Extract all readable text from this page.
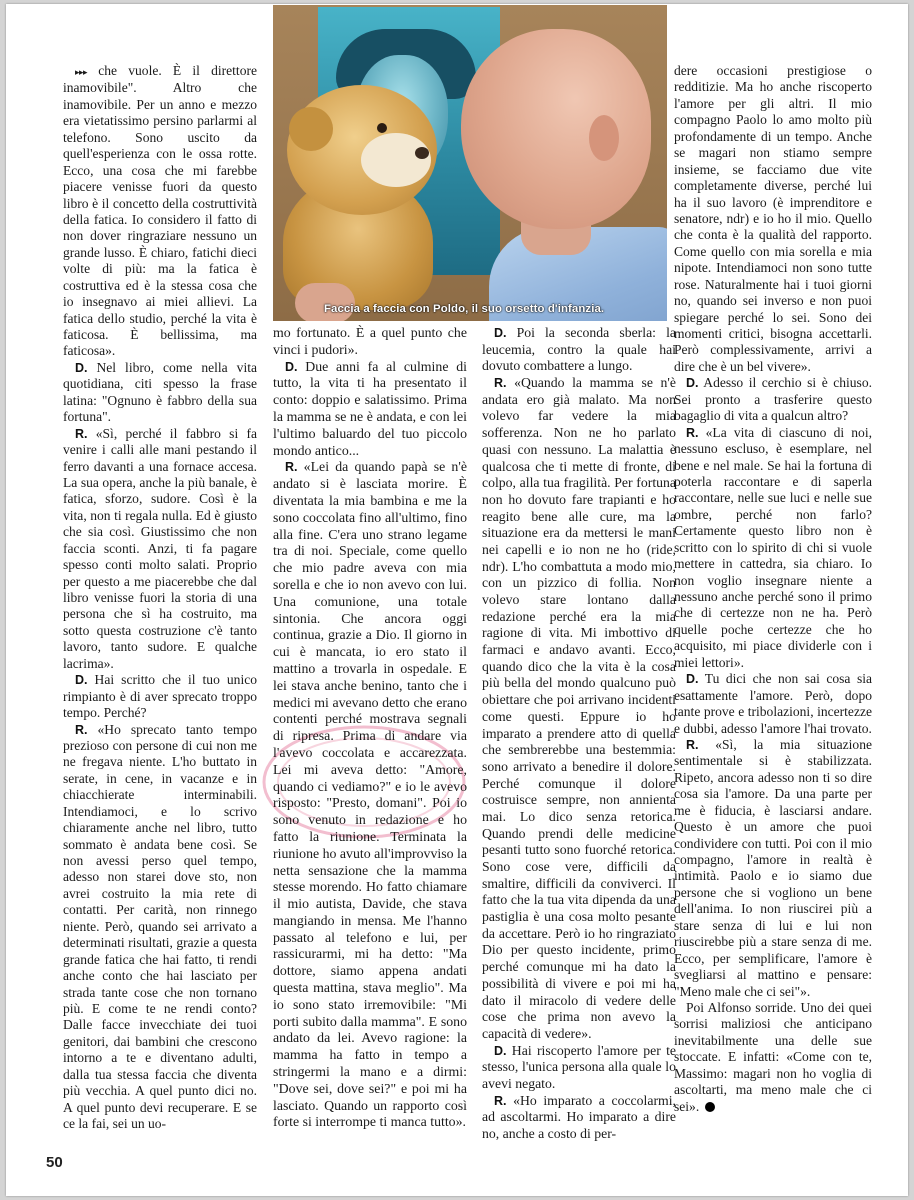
Faccia a faccia con Poldo, il suo orsetto d'infanzia.

▸▸▸ che vuole. È il direttore inamovibile". Altro che inamovibile. Per un anno e mezzo era vietatissimo persino parlarmi al telefono. Sono uscito da quell'esperienza con le ossa rotte. Ecco, una cosa che mi farebbe piacere venisse fuori da questo libro è il concetto della costruttività della fatica. Io considero il fatto di non dover ringraziare nessuno un grande lusso. È chiaro, fatichi dieci volte di più: ma la fatica è costruttiva ed è la stessa cosa che io insegnavo ai miei allievi. La fatica dello studio, perché la vita è faticosa. È bellissima, ma faticosa».

D. Nel libro, come nella vita quotidiana, citi spesso la frase latina: "Ognuno è fabbro della sua fortuna".

R. «Sì, perché il fabbro si fa venire i calli alle mani pestando il ferro davanti a una fornace accesa. La sua opera, anche la più banale, è fatica, sforzo, sudore. Così è la vita, non ti regala nulla. Ed è giusto che sia così. Giustissimo che non faccia sconti. Anzi, ti fa pagare spesso conti molto salati. Proprio per questo a me piacerebbe che dal libro venisse fuori la storia di una persona che sì ha costruito, ma sotto questa costruzione c'è tanto lavoro, tanto sudore. E qualche lacrima».

D. Hai scritto che il tuo unico rimpianto è di aver sprecato troppo tempo. Perché?

R. «Ho sprecato tanto tempo prezioso con persone di cui non me ne fregava niente. L'ho buttato in serate, in cene, in vacanze e in chiacchierate interminabili. Intendiamoci, e lo scrivo chiaramente anche nel libro, tutto sommato è andata bene così. Se non avessi perso quel tempo, adesso non starei dove sto, non avrei costruito la mia rete di contatti. Per carità, non rinnego niente. Però, quando sei arrivato a determinati risultati, grazie a questa grande fatica che hai fatto, ti rendi anche conto che hai lasciato per strada tante cose che non tornano più. E come te ne rendi conto? Dalle facce invecchiate dei tuoi genitori, dai bambini che crescono intorno a te e diventano adulti, dalla tua stessa faccia che diventa più vecchia. A quel punto dici no. A quel punto devi recuperare. E se ce la fai, sei un uo-

mo fortunato. È a quel punto che vinci i pudori».

D. Due anni fa al culmine di tutto, la vita ti ha presentato il conto: doppio e salatissimo. Prima la mamma se ne è andata, e con lei l'ultimo baluardo del tuo piccolo mondo antico...

R. «Lei da quando papà se n'è andato si è lasciata morire. È diventata la mia bambina e me la sono coccolata fino all'ultimo, fino alla fine. C'era uno strano legame tra di noi. Speciale, come quello che mio padre aveva con mia sorella e che io non avevo con lui. Una comunione, una totale sintonia. Che ancora oggi continua, grazie a Dio. Il giorno in cui è mancata, io ero stato il mattino a trovarla in ospedale. E lei stava anche benino, tanto che i medici mi avevano detto che erano contenti perché mostrava segnali di ripresa. Prima di andare via l'avevo coccolata e accarezzata. Lei mi aveva detto: "Amore, quando ci vediamo?" e io le avevo risposto: "Presto, domani". Poi io sono venuto in redazione e ho fatto la riunione. Terminata la riunione ho avuto all'improvviso la netta sensazione che la mamma stesse morendo. Ho fatto chiamare il mio autista, Davide, che stava mangiando in mensa. Me l'hanno passato al telefono e lui, per rassicurarmi, mi ha detto: "Ma dottore, siamo appena andati questa mattina, stava meglio". Ma io sono stato irremovibile: "Mi porti subito dalla mamma". E sono andato da lei. Avevo ragione: la mamma ha fatto in tempo a stringermi la mano e a dirmi: "Dove sei, dove sei?" e poi mi ha lasciato. Quando un rapporto così forte si interrompe ti manca tutto».

D. Poi la seconda sberla: la leucemia, contro la quale hai dovuto combattere a lungo.

R. «Quando la mamma se n'è andata ero già malato. Ma non volevo far vedere la mia sofferenza. Non ne ho parlato quasi con nessuno. La malattia è qualcosa che ti mette di fronte, di colpo, alla tua fragilità. Per fortuna non ho dovuto fare trapianti e ho reagito bene alle cure, ma la situazione era da mettersi le mani nei capelli e io non ne ho (ride, ndr). L'ho combattuta a modo mio, con un pizzico di follia. Non volevo stare lontano dalla redazione perché era la mia ragione di vita. Mi imbottivo di farmaci e andavo avanti. Ecco, quando dico che la vita è la cosa più bella del mondo qualcuno può obiettare che poi arrivano incidenti come questi. Eppure io ho imparato a prendere atto di quella che sembrerebbe una bestemmia: sono arrivato a benedire il dolore. Perché comunque il dolore costruisce sempre, non annienta mai. Lo dico senza retorica. Quando prendi delle medicine pesanti tutto sono fuorché retorica. Sono cose vere, difficili da smaltire, difficili da conviverci. Il fatto che la tua vita dipenda da una pastiglia è una cosa molto pesante da accettare. Però io ho ringraziato Dio per questo incidente, primo perché comunque mi ha dato la possibilità di vivere e poi mi ha dato il miracolo di vedere delle cose che prima non avevo la capacità di vedere».

D. Hai riscoperto l'amore per te stesso, l'unica persona alla quale lo avevi negato.

R. «Ho imparato a coccolarmi, ad ascoltarmi. Ho imparato a dire no, anche a costo di per-

dere occasioni prestigiose o redditizie. Ma ho anche riscoperto l'amore per gli altri. Il mio compagno Paolo lo amo molto più profondamente di un tempo. Anche se magari non stiamo sempre insieme, se facciamo due vite completamente diverse, perché lui ha il suo lavoro (è imprenditore e senatore, ndr) e io ho il mio. Quello che conta è la qualità del rapporto. Come quello con mia sorella e mia nipote. Intendiamoci non sono tutte rose. Naturalmente hai i tuoi giorni no, quando sei inverso e non puoi spiegare perché lo sei. Sono dei momenti critici, bisogna accettarli. Però complessivamente, arrivi a dire che è un bel vivere».

D. Adesso il cerchio si è chiuso. Sei pronto a trasferire questo bagaglio di vita a qualcun altro?

R. «La vita di ciascuno di noi, nessuno escluso, è esemplare, nel bene e nel male. Se hai la fortuna di poterla raccontare e di saperla raccontare, nelle sue luci e nelle sue ombre, perché non farlo? Certamente questo libro non è scritto con lo spirito di chi si vuole mettere in cattedra, sia chiaro. Io non voglio insegnare niente a nessuno anche perché sono il primo che di certezze non ne ha. Però quelle poche certezze che ho acquisito, mi piace dividerle con i miei lettori».

D. Tu dici che non sai cosa sia esattamente l'amore. Però, dopo tante prove e tribolazioni, incertezze e dubbi, adesso l'amore l'hai trovato.

R. «Sì, la mia situazione sentimentale si è stabilizzata. Ripeto, ancora adesso non ti so dire cosa sia l'amore. Da una parte per me è fiducia, è lasciarsi andare. Questo è un amore che puoi condividere con tutti. Poi con il mio compagno, l'amore in realtà è intimità. Paolo e io siamo due persone che si vogliono un bene dell'anima. Io non riuscirei più a stare senza di lui e lui non riuscirebbe più a stare senza di me. Ecco, per semplificare, l'amore è svegliarsi al mattino e pensare: "Meno male che ci sei"».

Poi Alfonso sorride. Uno dei quei sorrisi maliziosi che anticipano inevitabilmente una delle sue stoccate. E infatti: «Come con te, Massimo: magari non ho voglia di ascoltarti, ma meno male che ci sei».

50
